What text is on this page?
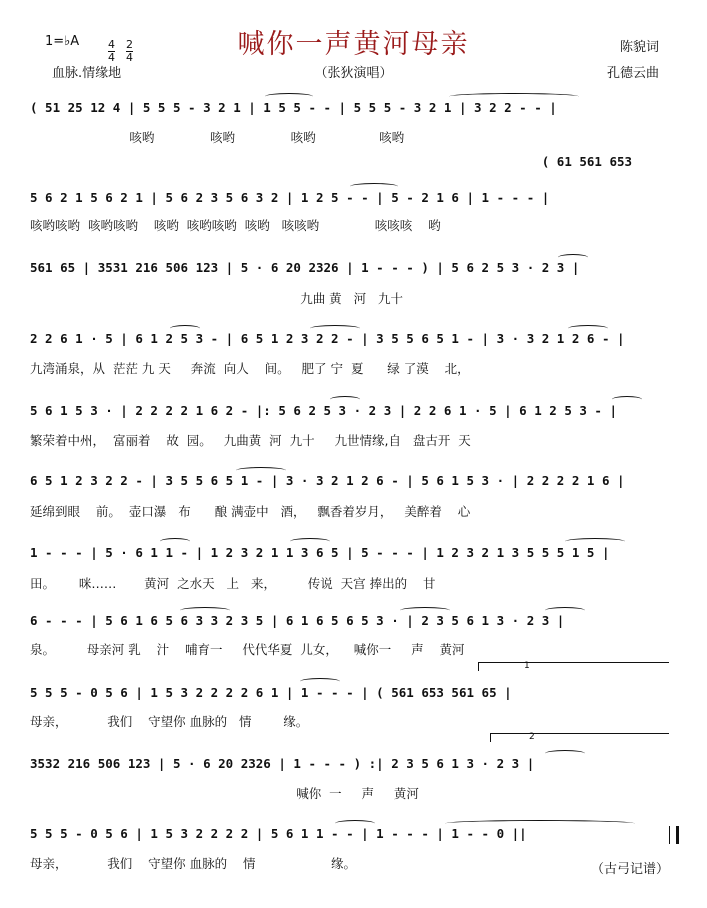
喊你一声黄河母亲
1=♭A	$\frac{4}{4}$	$\frac{2}{4}$	陈貌词
血脉.情缘地	（张狄演唱）	孔德云曲
( 51 25 12 4 | 5 5 5 - 3 2 1 | 1 5 5 - - | 5 5 5 - 3 2 1 | 3 2 2 - - |
咳哟              咳哟              咳哟                咳哟
( 61 561 653
5 6 2 1 5 6 2 1 | 5 6 2 3 5 6 3 2 | 1 2 5 - - | 5 - 2 1 6 | 1 - - - |
咳哟咳哟  咳哟咳哟    咳哟  咳哟咳哟  咳哟   咳咳哟              咳咳咳    哟
561 65 | 3531 216 506 123 | 5 · 6 20 2326 | 1 - - - ) | 5 6 2 5 3 · 2 3 |
九曲 黄   河   九十
2 2 6 1 · 5 | 6 1 2 5 3 - | 6 5 1 2 3 2 2 - | 3 5 5 6 5 1 - | 3 · 3 2 1 2 6 - |
九湾涌泉，从  茫茫 九 天     奔流  向人    间。   肥了 宁  夏      绿 了漠    北，
5 6 1 5 3 · | 2 2 2 2 1 6 2 - |: 5 6 2 5 3 · 2 3 | 2 2 6 1 · 5 | 6 1 2 5 3 - |
繁荣着中州，  富丽着    故  园。   九曲黄  河  九十     九世情缘,自   盘古开  天
6 5 1 2 3 2 2 - | 3 5 5 6 5 1 - | 3 · 3 2 1 2 6 - | 5 6 1 5 3 · | 2 2 2 2 1 6 |
延绵到眼    前。  壶口瀑   布      酿 满壶中   酒，   飘香着岁月，   美醉着    心
1 - - - | 5 · 6 1 1 - | 1 2 3 2 1 1 3 6 5 | 5 - - - | 1 2 3 2 1 3 5 5 5 1 5 |
田。      咪……       黄河  之水天   上   来，        传说  天宫 捧出的    甘
6 - - - | 5 6 1 6 5 6 3 3 2 3 5 | 6 1 6 5 6 5 3 · | 2 3 5 6 1 3 · 2 3 |
泉。        母亲河 乳    汁    哺育一     代代华夏  儿女，    喊你一     声    黄河
1
5 5 5 - 0 5 6 | 1 5 3 2 2 2 2 6 1 | 1 - - - | ( 561 653 561 65 |
母亲，          我们    守望你 血脉的   情        缘。
2
3532 216 506 123 | 5 · 6 20 2326 | 1 - - - ) :| 2 3 5 6 1 3 · 2 3 |
喊你  一     声     黄河
5 5 5 - 0 5 6 | 1 5 3 2 2 2 2 | 5 6 1 1 - - | 1 - - - | 1 - - 0 ||
母亲，          我们    守望你 血脉的    情                   缘。	（古弓记谱）
